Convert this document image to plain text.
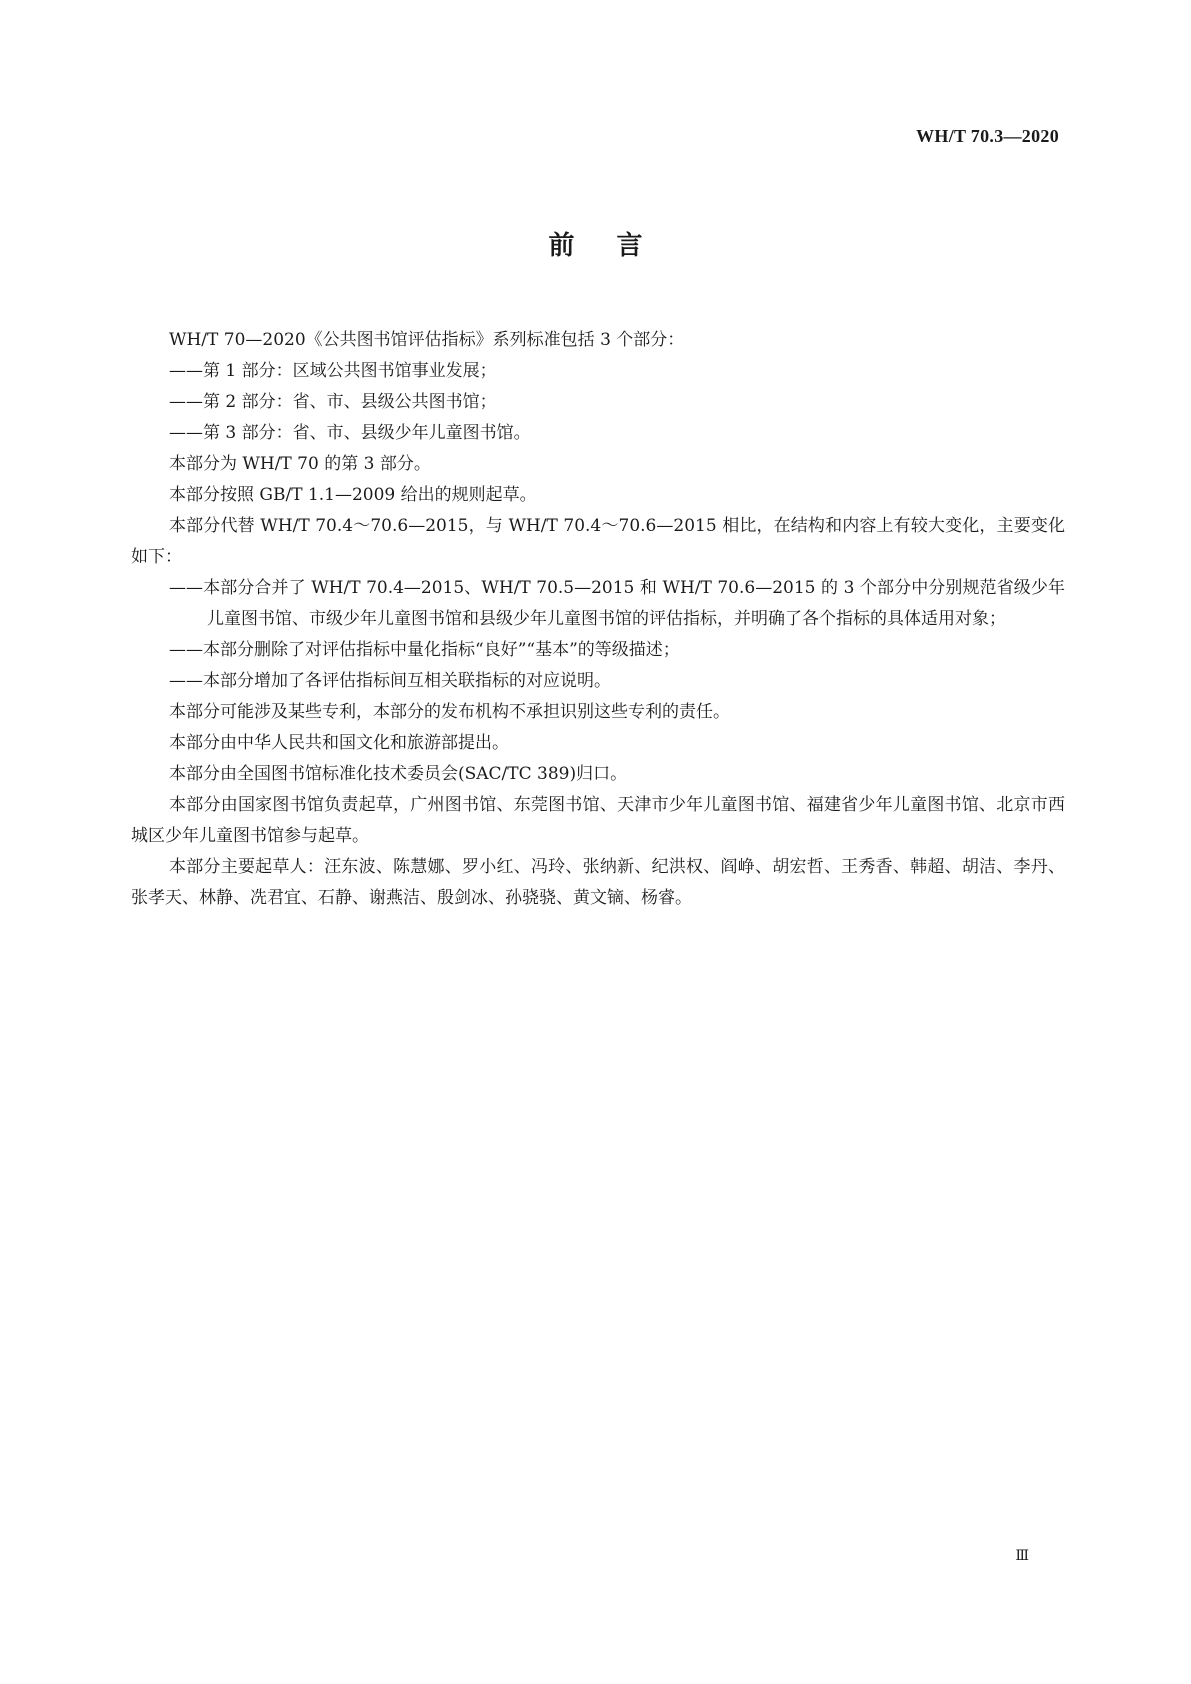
WH/T 70.3—2020
前言

WH/T 70—2020《公共图书馆评估指标》系列标准包括 3 个部分：

——第 1 部分：区域公共图书馆事业发展；

——第 2 部分：省、市、县级公共图书馆；

——第 3 部分：省、市、县级少年儿童图书馆。

本部分为 WH/T 70 的第 3 部分。

本部分按照 GB/T 1.1—2009 给出的规则起草。

本部分代替 WH/T 70.4～70.6—2015，与 WH/T 70.4～70.6—2015 相比，在结构和内容上有较大变化，主要变化如下：

——本部分合并了 WH/T 70.4—2015、WH/T 70.5—2015 和 WH/T 70.6—2015 的 3 个部分中分别规范省级少年儿童图书馆、市级少年儿童图书馆和县级少年儿童图书馆的评估指标，并明确了各个指标的具体适用对象；

——本部分删除了对评估指标中量化指标“良好”“基本”的等级描述；

——本部分增加了各评估指标间互相关联指标的对应说明。

本部分可能涉及某些专利，本部分的发布机构不承担识别这些专利的责任。

本部分由中华人民共和国文化和旅游部提出。

本部分由全国图书馆标准化技术委员会(SAC/TC 389)归口。

本部分由国家图书馆负责起草，广州图书馆、东莞图书馆、天津市少年儿童图书馆、福建省少年儿童图书馆、北京市西城区少年儿童图书馆参与起草。

本部分主要起草人：汪东波、陈慧娜、罗小红、冯玲、张纳新、纪洪权、阎峥、胡宏哲、王秀香、韩超、胡洁、李丹、张孝天、林静、冼君宜、石静、谢燕洁、殷剑冰、孙骁骁、黄文镝、杨睿。

Ⅲ
